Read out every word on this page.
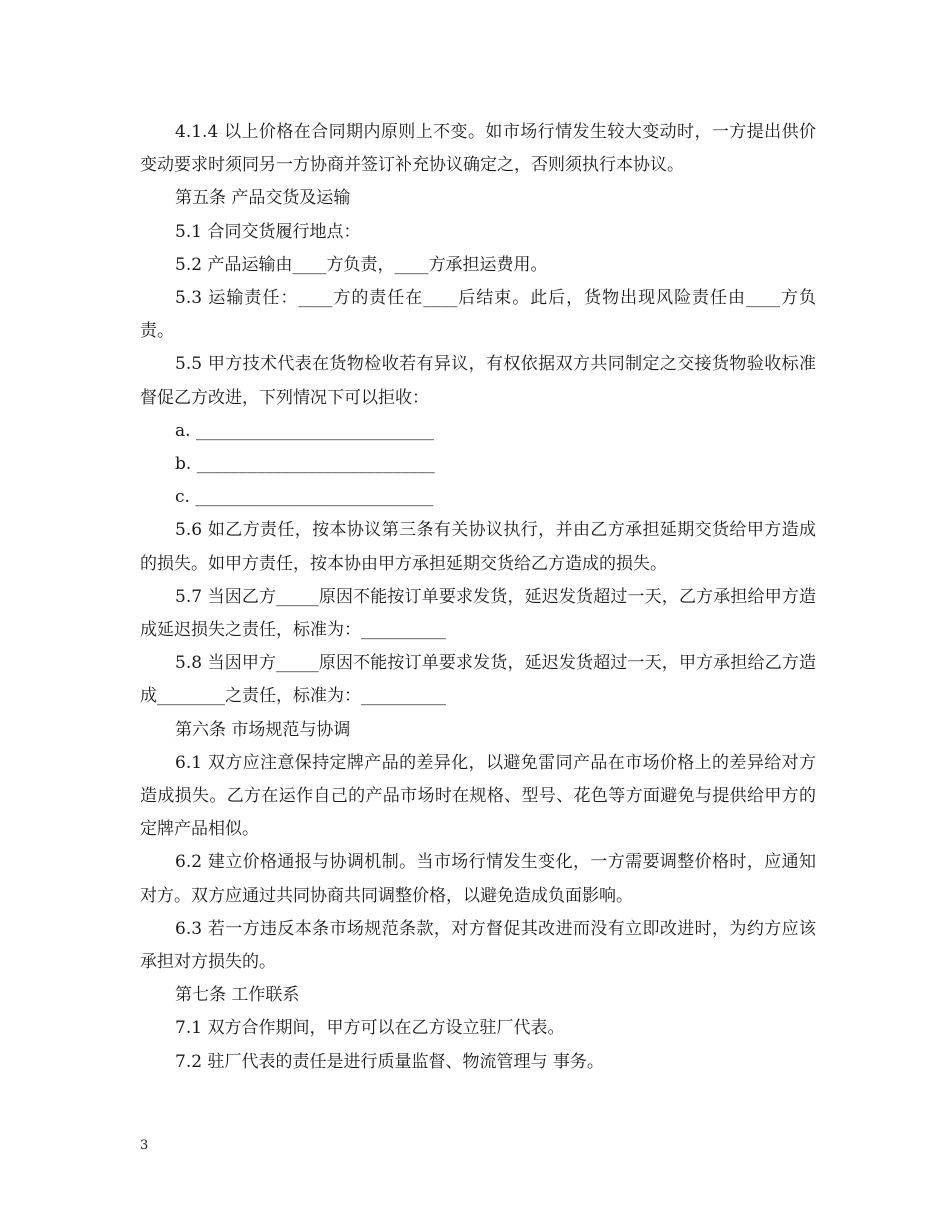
4.1.4 以上价格在合同期内原则上不变。如市场行情发生较大变动时，一方提出供价变动要求时须同另一方协商并签订补充协议确定之，否则须执行本协议。

第五条 产品交货及运输

5.1 合同交货履行地点：

5.2 产品运输由____方负责，____方承担运费用。

5.3 运输责任：____方的责任在____后结束。此后，货物出现风险责任由____方负责。

5.5 甲方技术代表在货物检收若有异议，有权依据双方共同制定之交接货物验收标准督促乙方改进，下列情况下可以拒收：

a. ____________________________

b. ____________________________

c. ____________________________

5.6 如乙方责任，按本协议第三条有关协议执行，并由乙方承担延期交货给甲方造成的损失。如甲方责任，按本协由甲方承担延期交货给乙方造成的损失。

5.7 当因乙方_____原因不能按订单要求发货，延迟发货超过一天，乙方承担给甲方造成延迟损失之责任，标准为：__________

5.8 当因甲方_____原因不能按订单要求发货，延迟发货超过一天，甲方承担给乙方造成________之责任，标准为：__________

第六条 市场规范与协调

6.1 双方应注意保持定牌产品的差异化，以避免雷同产品在市场价格上的差异给对方造成损失。乙方在运作自己的产品市场时在规格、型号、花色等方面避免与提供给甲方的定牌产品相似。

6.2 建立价格通报与协调机制。当市场行情发生变化，一方需要调整价格时，应通知对方。双方应通过共同协商共同调整价格，以避免造成负面影响。

6.3 若一方违反本条市场规范条款，对方督促其改进而没有立即改进时，为约方应该承担对方损失的。

第七条 工作联系

7.1 双方合作期间，甲方可以在乙方设立驻厂代表。

7.2 驻厂代表的责任是进行质量监督、物流管理与 事务。

3
